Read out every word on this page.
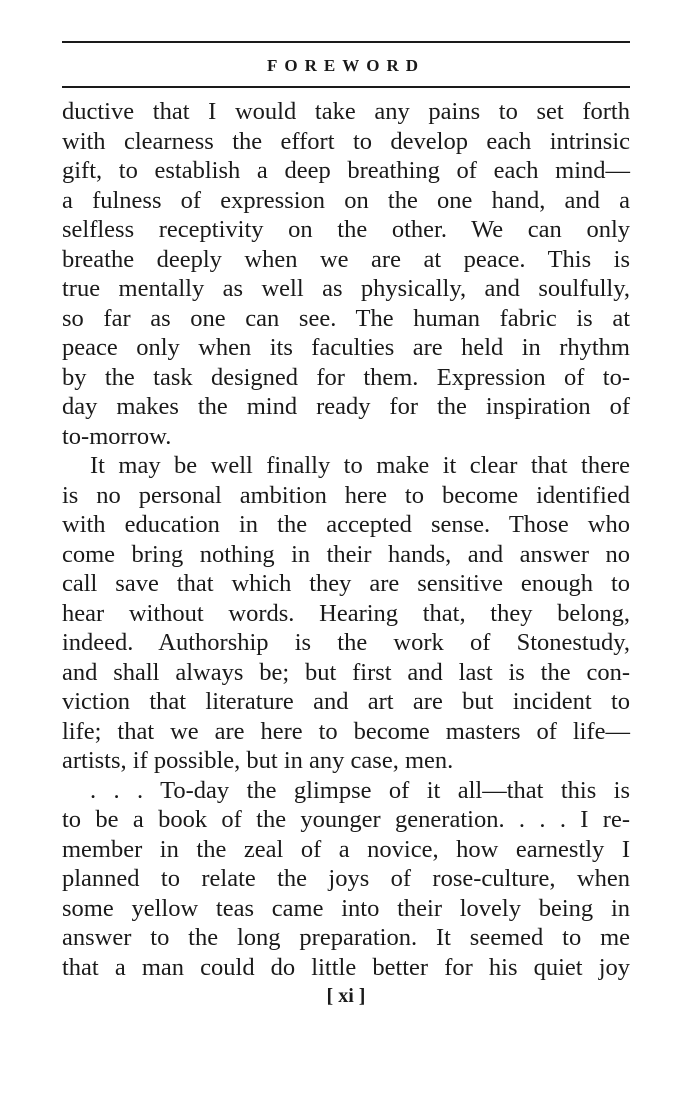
FOREWORD
ductive that I would take any pains to set forth
with clearness the effort to develop each intrinsic
gift, to establish a deep breathing of each mind—
a fulness of expression on the one hand, and a
selfless receptivity on the other. We can only
breathe deeply when we are at peace. This is
true mentally as well as physically, and soulfully,
so far as one can see. The human fabric is at
peace only when its faculties are held in rhythm
by the task designed for them. Expression of to-
day makes the mind ready for the inspiration of
to-morrow.
It may be well finally to make it clear that there
is no personal ambition here to become identified
with education in the accepted sense. Those who
come bring nothing in their hands, and answer no
call save that which they are sensitive enough to
hear without words. Hearing that, they belong,
indeed. Authorship is the work of Stonestudy,
and shall always be; but first and last is the con-
viction that literature and art are but incident to
life; that we are here to become masters of life—
artists, if possible, but in any case, men.
. . . To-day the glimpse of it all—that this is
to be a book of the younger generation. . . . I re-
member in the zeal of a novice, how earnestly I
planned to relate the joys of rose-culture, when
some yellow teas came into their lovely being in
answer to the long preparation. It seemed to me
that a man could do little better for his quiet joy
[ xi ]
